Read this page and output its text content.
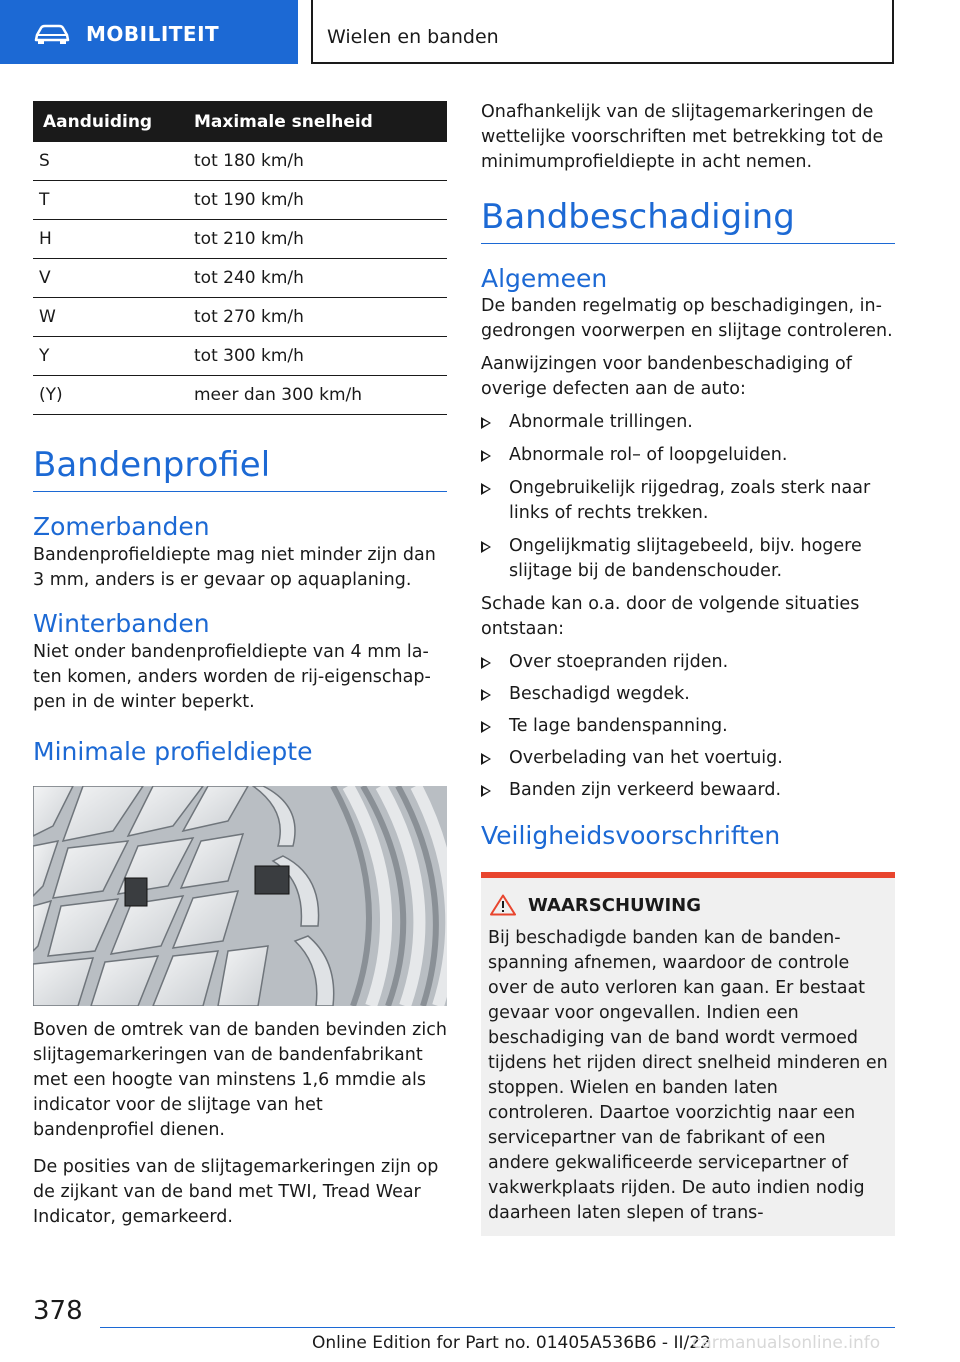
MOBILITEIT	Wielen en banden
Aanduiding	Maximale snelheid
S	tot 180 km/h
T	tot 190 km/h
H	tot 210 km/h
V	tot 240 km/h
W	tot 270 km/h
Y	tot 300 km/h
(Y)	meer dan 300 km/h
Bandenprofiel
Zomerbanden

Bandenprofieldiepte mag niet minder zijn dan 3 mm, anders is er gevaar op aquaplaning.

Winterbanden

Niet onder bandenprofieldiepte van 4 mm laten komen, anders worden de rij-eigenschappen in de winter beperkt.

Minimale profieldiepte

Boven de omtrek van de banden bevinden zich slijtagemarkeringen van de bandenfabrikant met een hoogte van minstens 1,6 mmdie als indicator voor de slijtage van het bandenprofiel dienen.

De posities van de slijtagemarkeringen zijn op de zijkant van de band met TWI, Tread Wear Indicator, gemarkeerd.

Onafhankelijk van de slijtagemarkeringen de wettelijke voorschriften met betrekking tot de minimumprofieldiepte in acht nemen.

Bandbeschadiging
Algemeen

De banden regelmatig op beschadigingen, ingedrongen voorwerpen en slijtage controleren.

Aanwijzingen voor bandenbeschadiging of overige defecten aan de auto:

Abnormale trillingen.
Abnormale rol– of loopgeluiden.
Ongebruikelijk rijgedrag, zoals sterk naar links of rechts trekken.
Ongelijkmatig slijtagebeeld, bijv. hogere slijtage bij de bandenschouder.

Schade kan o.a. door de volgende situaties ontstaan:

Over stoepranden rijden.
Beschadigd wegdek.
Te lage bandenspanning.
Overbelading van het voertuig.
Banden zijn verkeerd bewaard.
Veiligheidsvoorschriften
WAARSCHUWING
Bij beschadigde banden kan de bandenspanning afnemen, waardoor de controle over de auto verloren kan gaan. Er bestaat gevaar voor ongevallen. Indien een beschadiging van de band wordt vermoed tijdens het rijden direct snelheid minderen en stoppen. Wielen en banden laten controleren. Daartoe voorzichtig naar een servicepartner van de fabrikant of een andere gekwalificeerde servicepartner of vakwerkplaats rijden. De auto indien nodig daarheen laten slepen of trans-
378
Online Edition for Part no. 01405A536B6 - II/22
carmanualsonline.info
